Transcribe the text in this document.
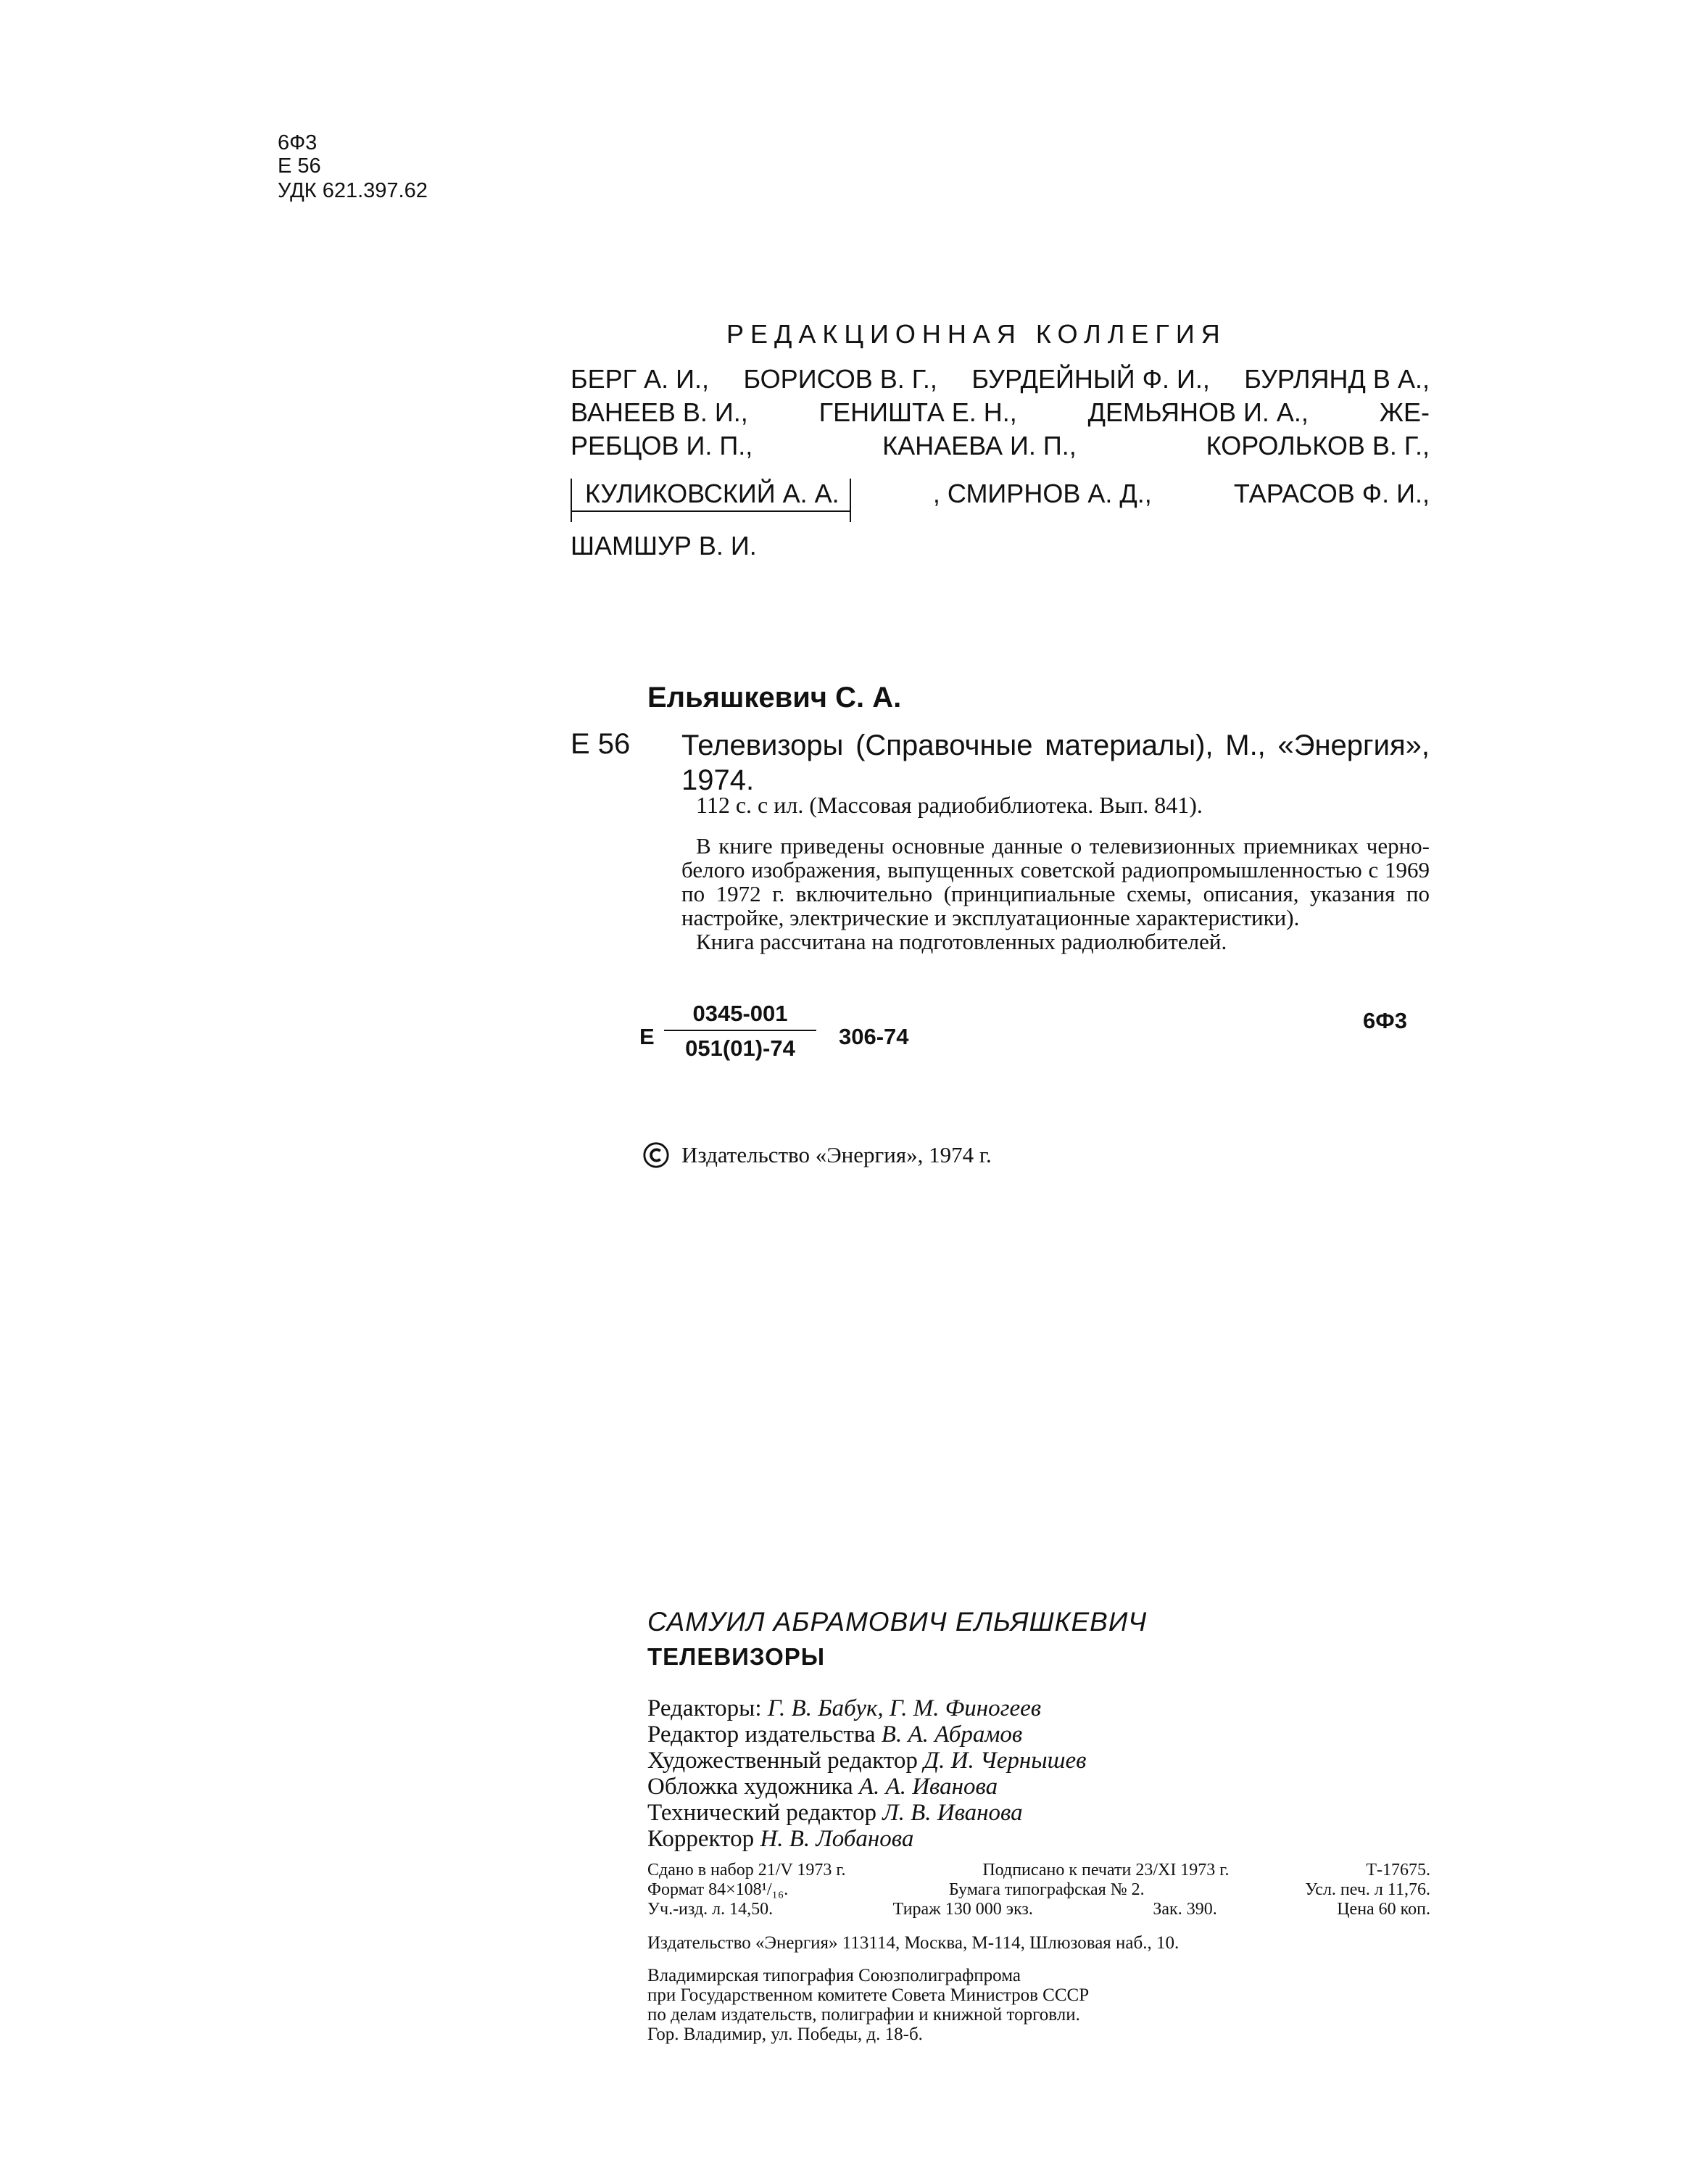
6Ф3
Е 56
УДК 621.397.62
РЕДАКЦИОННАЯ КОЛЛЕГИЯ
БЕРГ А. И., БОРИСОВ В. Г., БУРДЕЙНЫЙ Ф. И., БУРЛЯНД В А.,
ВАНЕЕВ В. И.,	ГЕНИШТА Е. Н.,	ДЕМЬЯНОВ И. А.,	ЖЕ-
РЕБЦОВ И. П.,	КАНАЕВА И. П.,	КОРОЛЬКОВ В. Г.,
КУЛИКОВСКИЙ А. А.	, СМИРНОВ А. Д.,	ТАРАСОВ Ф. И.,
ШАМШУР В. И.
Ельяшкевич С. А.
Е 56 Телевизоры (Справочные материалы), М., «Энергия», 1974.
112 с. с ил. (Массовая радиобиблиотека. Вып. 841).
В книге приведены основные данные о телевизионных приемниках черно-белого изображения, выпущенных советской радиопромышленностью с 1969 по 1972 г. включительно (принципиальные схемы, описания, указания по настройке, электрические и эксплуатационные характеристики).
Книга рассчитана на подготовленных радиолюбителей.
Е $\frac{0345-001}{051(01)-74} 306-74$
6Ф3
Издательство «Энергия», 1974 г.
САМУИЛ АБРАМОВИЧ ЕЛЬЯШКЕВИЧ
ТЕЛЕВИЗОРЫ
Редакторы: Г. В. Бабук, Г. М. Финогеев
Редактор издательства В. А. Абрамов
Художественный редактор Д. И. Чернышев
Обложка художника А. А. Иванова
Технический редактор Л. В. Иванова
Корректор Н. В. Лобанова
Сдано в набор 21/V 1973 г.	Подписано к печати 23/XI 1973 г.	Т-17675.
Формат 84×108¹/₁₆.	Бумага типографская № 2.	Усл. печ. л 11,76.
Уч.-изд. л. 14,50.	Тираж 130 000 экз.	Зак. 390.	Цена 60 коп.
Издательство «Энергия» 113114, Москва, М-114, Шлюзовая наб., 10.
Владимирская типография Союзполиграфпрома
при Государственном комитете Совета Министров СССР
по делам издательств, полиграфии и книжной торговли.
Гор. Владимир, ул. Победы, д. 18-б.
